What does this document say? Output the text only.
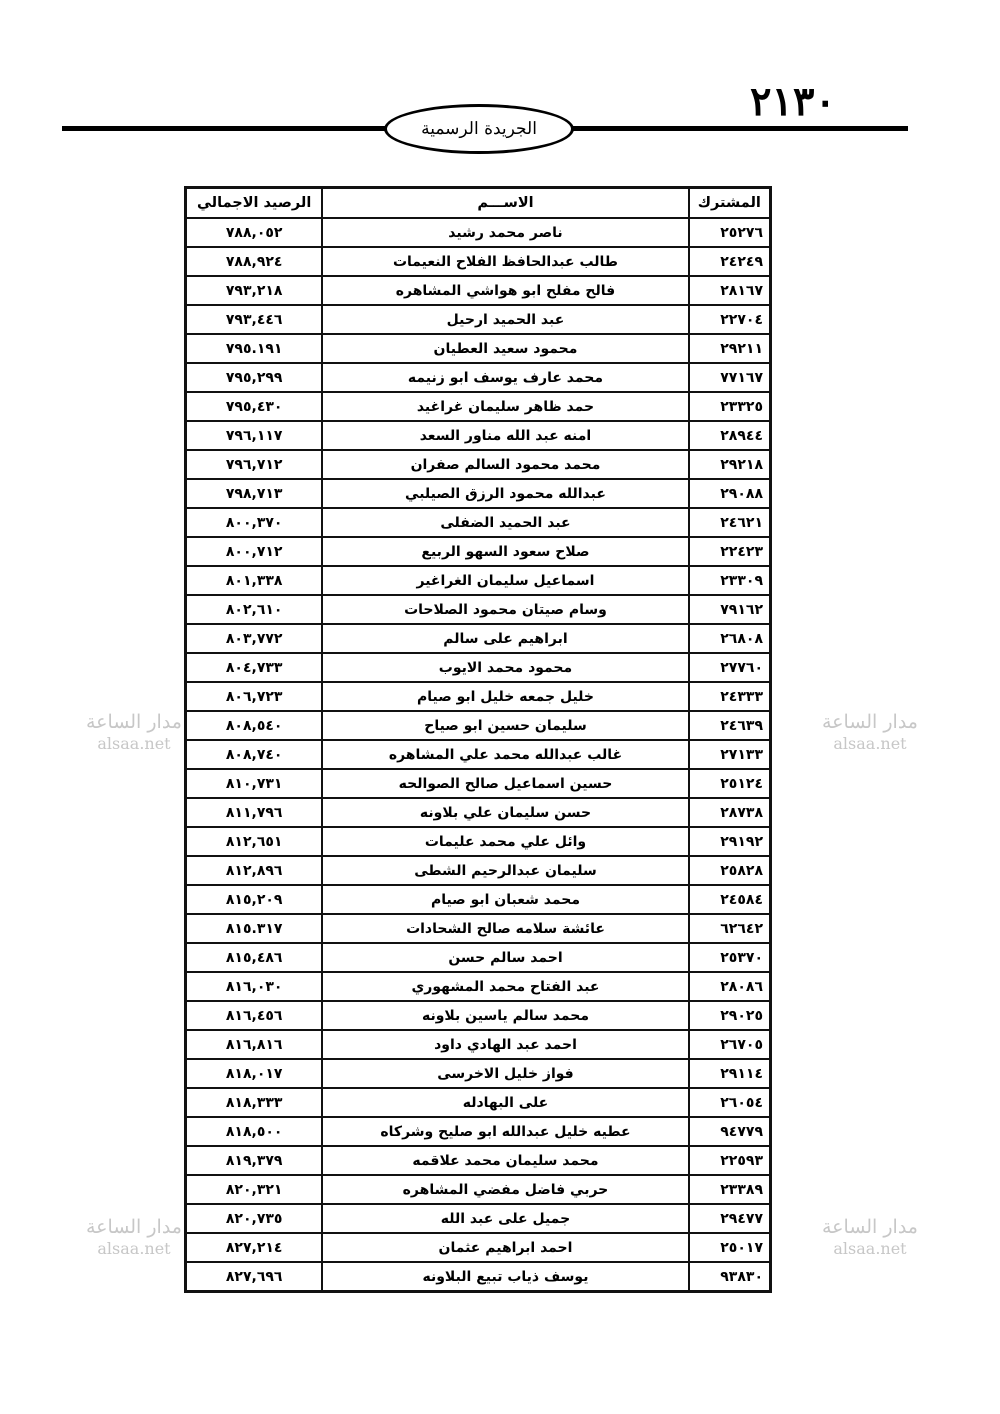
٢١٣٠
الجريدة الرسمية
مدار الساعة
alsaa.net
مدار الساعة
alsaa.net
مدار الساعة
alsaa.net
مدار الساعة
alsaa.net
المشترك	الاســـم	الرصيد الاجمالي
٢٥٢٧٦	ناصر محمد رشيد	٧٨٨,٠٥٢
٢٤٢٤٩	طالب عبدالحافظ الفلاح النعيمات	٧٨٨,٩٢٤
٢٨١٦٧	فالح مفلح ابو هواشي المشاهره	٧٩٣,٢١٨
٢٢٧٠٤	عبد الحميد ارحيل	٧٩٣,٤٤٦
٢٩٢١١	محمود سعيد العطيان	٧٩٥.١٩١
٧٧١٦٧	محمد عارف يوسف ابو زنيمه	٧٩٥,٢٩٩
٢٣٣٢٥	حمد ظاهر سليمان غراغيد	٧٩٥,٤٣٠
٢٨٩٤٤	امنه عبد الله مناور السعد	٧٩٦,١١٧
٢٩٢١٨	محمد محمود السالم صفران	٧٩٦,٧١٢
٢٩٠٨٨	عبدالله محمود الرزق الصيلبي	٧٩٨,٧١٣
٢٤٦٢١	عبد الحميد الضفلى	٨٠٠,٣٧٠
٢٢٤٢٣	صلاح سعود السهو الربيع	٨٠٠,٧١٢
٢٣٣٠٩	اسماعيل سليمان الغراغير	٨٠١,٣٣٨
٧٩١٦٢	وسام صيتان محمود الصلاحات	٨٠٢,٦١٠
٢٦٨٠٨	ابراهيم على سالم	٨٠٣,٧٧٢
٢٧٧٦٠	محمود محمد الايوب	٨٠٤,٧٣٣
٢٤٣٣٣	خليل جمعه خليل ابو صيام	٨٠٦,٧٢٣
٢٤٦٣٩	سليمان حسين ابو صياح	٨٠٨,٥٤٠
٢٧١٣٣	غالب عبدالله محمد علي المشاهره	٨٠٨,٧٤٠
٢٥١٢٤	حسين اسماعيل صالح الصوالحه	٨١٠,٧٣١
٢٨٧٣٨	حسن سليمان علي بلاونه	٨١١,٧٩٦
٢٩١٩٢	وائل علي محمد عليمات	٨١٢,٦٥١
٢٥٨٢٨	سليمان عبدالرحيم الشطى	٨١٢,٨٩٦
٢٤٥٨٤	محمد شعبان ابو صيام	٨١٥,٢٠٩
٦٢٦٤٢	عائشة سلامه صالح الشحادات	٨١٥.٣١٧
٢٥٣٧٠	احمد سالم حسن	٨١٥,٤٨٦
٢٨٠٨٦	عبد الفتاح محمد المشهوري	٨١٦,٠٣٠
٢٩٠٢٥	محمد سالم ياسين بلاونه	٨١٦,٤٥٦
٢٦٧٠٥	احمد عبد الهادي داود	٨١٦,٨١٦
٢٩١١٤	فواز خليل الاخرسى	٨١٨,٠١٧
٢٦٠٥٤	على البهادله	٨١٨,٣٣٣
٩٤٧٧٩	عطيه خليل عبدالله ابو صليح وشركاه	٨١٨,٥٠٠
٢٢٥٩٣	محمد سليمان محمد علاقمه	٨١٩,٣٧٩
٢٣٣٨٩	حربي فاضل مفضي المشاهره	٨٢٠,٣٢١
٢٩٤٧٧	جميل على عبد الله	٨٢٠,٧٣٥
٢٥٠١٧	احمد ابراهيم عثمان	٨٢٧,٢١٤
٩٣٨٣٠	يوسف ذياب تبيع البلاونه	٨٢٧,٦٩٦
